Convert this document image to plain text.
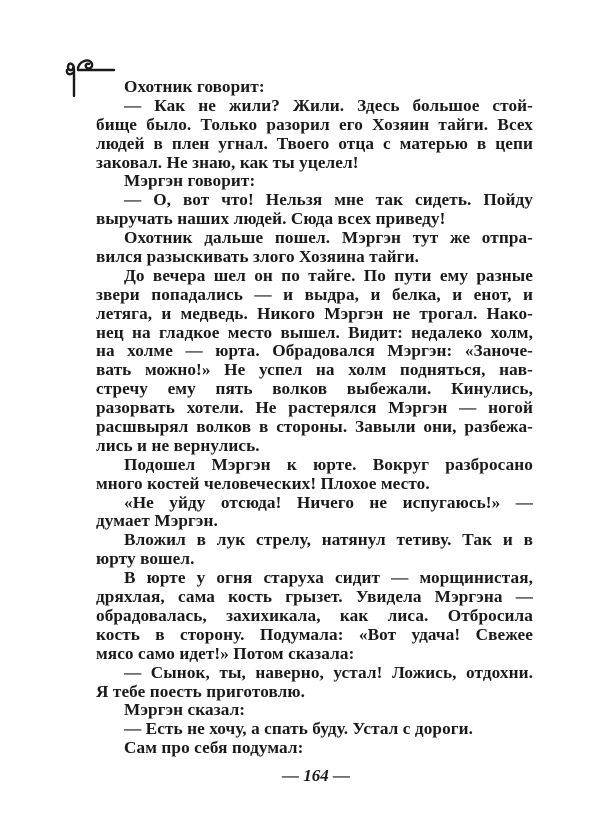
Охотник говорит:
— Как не жили? Жили. Здесь большое стой-
бище было. Только разорил его Хозяин тайги. Всех
людей в плен угнал. Твоего отца с матерью в цепи
заковал. Не знаю, как ты уцелел!
Мэргэн говорит:
— О, вот что! Нельзя мне так сидеть. Пойду
выручать наших людей. Сюда всех приведу!
Охотник дальше пошел. Мэргэн тут же отпра-
вился разыскивать злого Хозяина тайги.
До вечера шел он по тайге. По пути ему разные
звери попадались — и выдра, и белка, и енот, и
летяга, и медведь. Никого Мэргэн не трогал. Нако-
нец на гладкое место вышел. Видит: недалеко холм,
на холме — юрта. Обрадовался Мэргэн: «Заноче-
вать можно!» Не успел на холм подняться, нав-
стречу ему пять волков выбежали. Кинулись,
разорвать хотели. Не растерялся Мэргэн — ногой
расшвырял волков в стороны. Завыли они, разбежа-
лись и не вернулись.
Подошел Мэргэн к юрте. Вокруг разбросано
много костей человеческих! Плохое место.
«Не уйду отсюда! Ничего не испугаюсь!» —
думает Мэргэн.
Вложил в лук стрелу, натянул тетиву. Так и в
юрту вошел.
В юрте у огня старуха сидит — морщинистая,
дряхлая, сама кость грызет. Увидела Мэргэна —
обрадовалась, захихикала, как лиса. Отбросила
кость в сторону. Подумала: «Вот удача! Свежее
мясо само идет!» Потом сказала:
— Сынок, ты, наверно, устал! Ложись, отдохни.
Я тебе поесть приготовлю.
Мэргэн сказал:
— Есть не хочу, а спать буду. Устал с дороги.
Сам про себя подумал:
— 164 —
